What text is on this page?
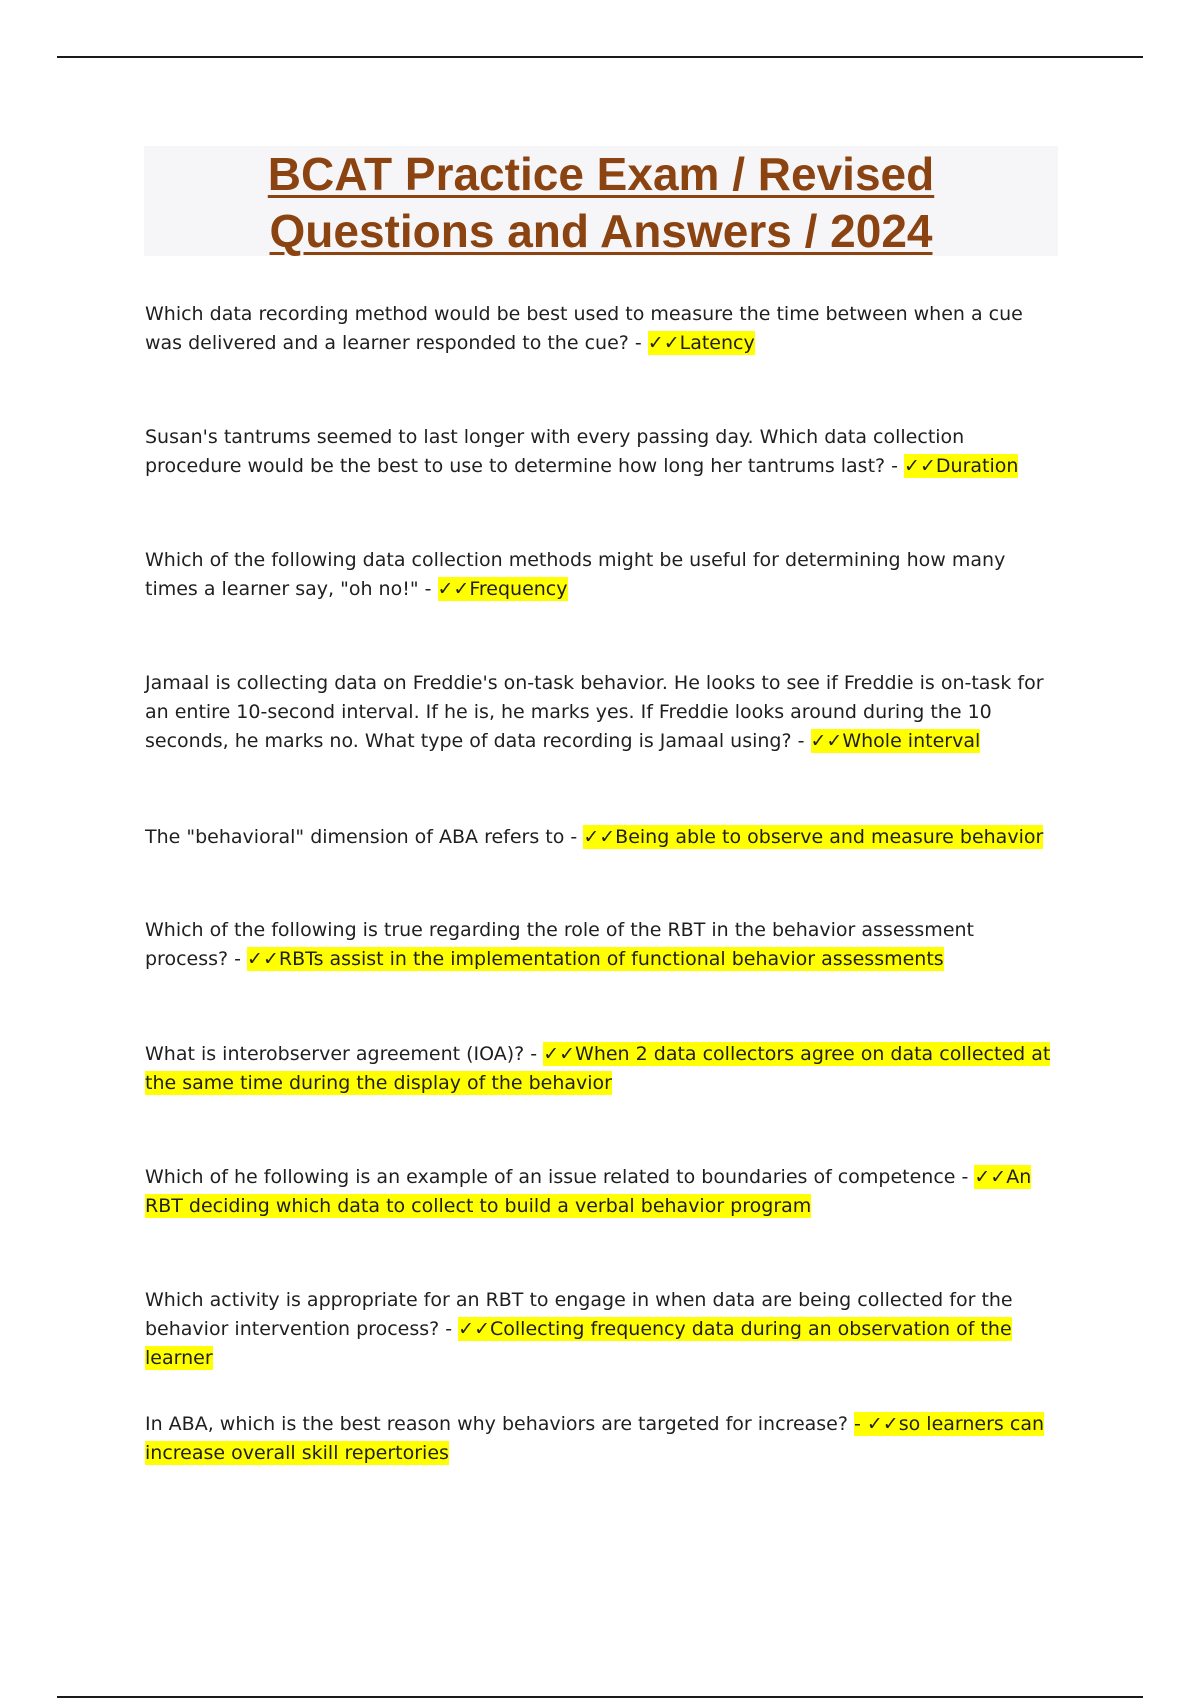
BCAT Practice Exam / Revised
Questions and Answers / 2024

Which data recording method would be best used to measure the time between when a cue was delivered and a learner responded to the cue? - ✓✓Latency

Susan's tantrums seemed to last longer with every passing day. Which data collection procedure would be the best to use to determine how long her tantrums last? - ✓✓Duration

Which of the following data collection methods might be useful for determining how many times a learner say, "oh no!" - ✓✓Frequency

Jamaal is collecting data on Freddie's on-task behavior. He looks to see if Freddie is on-task for an entire 10-second interval. If he is, he marks yes. If Freddie looks around during the 10 seconds, he marks no. What type of data recording is Jamaal using? - ✓✓Whole interval

The "behavioral" dimension of ABA refers to - ✓✓Being able to observe and measure behavior

Which of the following is true regarding the role of the RBT in the behavior assessment process? - ✓✓RBTs assist in the implementation of functional behavior assessments

What is interobserver agreement (IOA)? - ✓✓When 2 data collectors agree on data collected at the same time during the display of the behavior

Which of he following is an example of an issue related to boundaries of competence - ✓✓An RBT deciding which data to collect to build a verbal behavior program

Which activity is appropriate for an RBT to engage in when data are being collected for the behavior intervention process? - ✓✓Collecting frequency data during an observation of the learner

In ABA, which is the best reason why behaviors are targeted for increase? - ✓✓so learners can increase overall skill repertories
